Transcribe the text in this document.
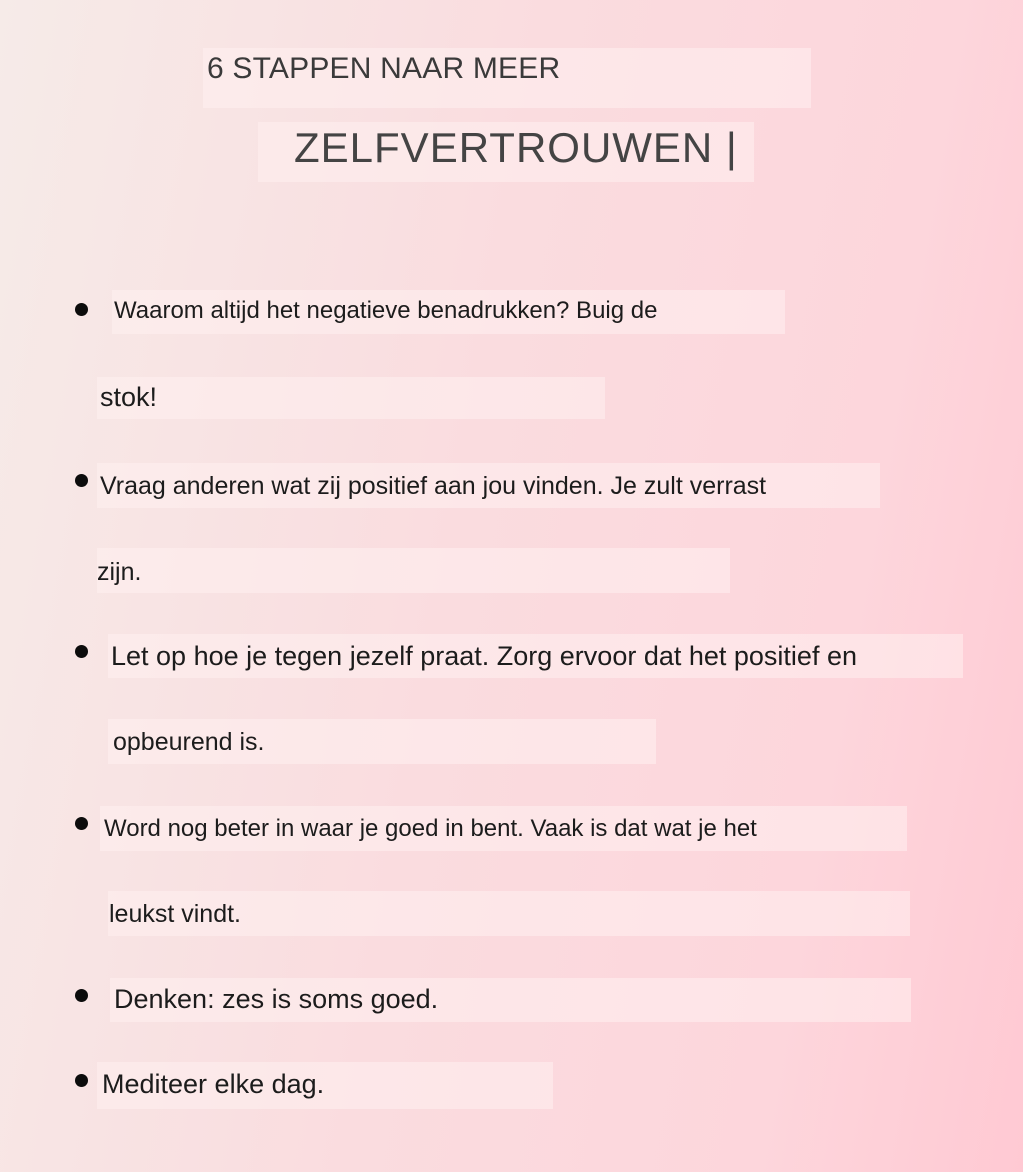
6 STAPPEN NAAR MEER
ZELFVERTROUWEN |
Waarom altijd het negatieve benadrukken? Buig de
stok!
Vraag anderen wat zij positief aan jou vinden. Je zult verrast
zijn.
Let op hoe je tegen jezelf praat. Zorg ervoor dat het positief en
opbeurend is.
Word nog beter in waar je goed in bent. Vaak is dat wat je het
leukst vindt.
Denken: zes is soms goed.
Mediteer elke dag.
